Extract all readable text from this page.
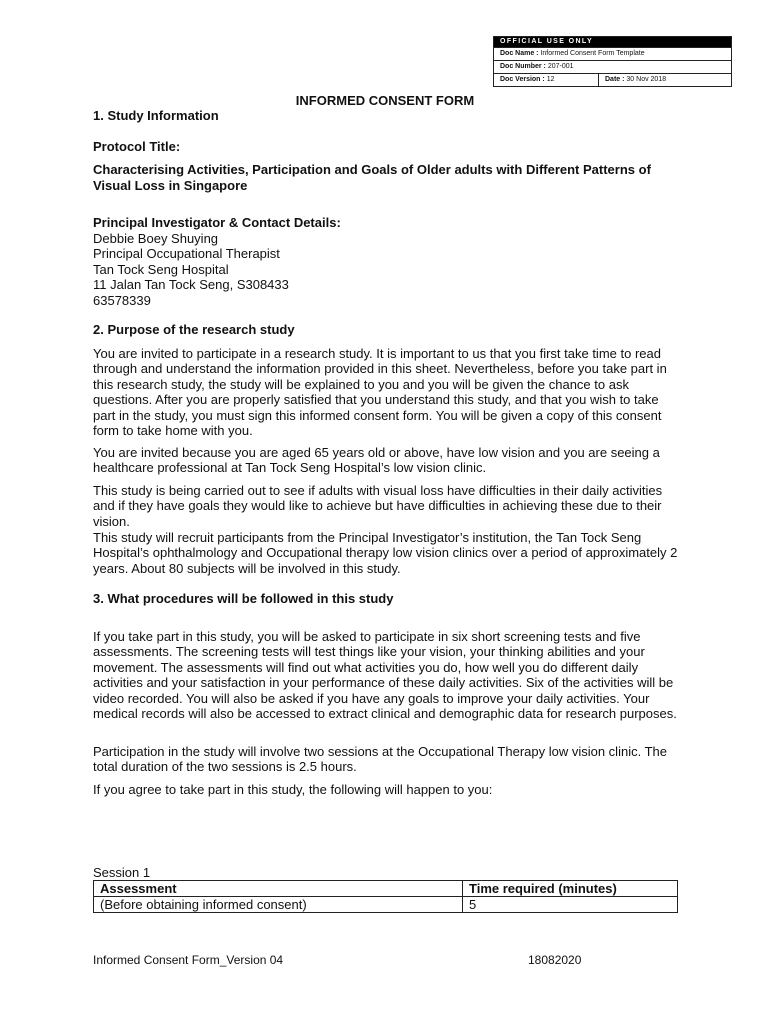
OFFICIAL USE ONLY
Doc Name : Informed Consent Form Template
Doc Number : 207-001
Doc Version : 12	Date : 30 Nov 2018
INFORMED CONSENT FORM
1. Study Information
Protocol Title:
Characterising Activities, Participation and Goals of Older adults with Different Patterns of Visual Loss in Singapore
Principal Investigator & Contact Details:
Debbie Boey Shuying
Principal Occupational Therapist
Tan Tock Seng Hospital
11 Jalan Tan Tock Seng, S308433
63578339
2. Purpose of the research study
You are invited to participate in a research study. It is important to us that you first take time to read through and understand the information provided in this sheet. Nevertheless, before you take part in this research study, the study will be explained to you and you will be given the chance to ask questions. After you are properly satisfied that you understand this study, and that you wish to take part in the study, you must sign this informed consent form. You will be given a copy of this consent form to take home with you.
You are invited because you are aged 65 years old or above, have low vision and you are seeing a healthcare professional at Tan Tock Seng Hospital’s low vision clinic.
This study is being carried out to see if adults with visual loss have difficulties in their daily activities and if they have goals they would like to achieve but have difficulties in achieving these due to their vision.
This study will recruit participants from the Principal Investigator’s institution, the Tan Tock Seng Hospital’s ophthalmology and Occupational therapy low vision clinics over a period of approximately 2 years. About 80 subjects will be involved in this study.
3. What procedures will be followed in this study
If you take part in this study, you will be asked to participate in six short screening tests and five assessments. The screening tests will test things like your vision, your thinking abilities and your movement. The assessments will find out what activities you do, how well you do different daily activities and your satisfaction in your performance of these daily activities. Six of the activities will be video recorded. You will also be asked if you have any goals to improve your daily activities. Your medical records will also be accessed to extract clinical and demographic data for research purposes.
Participation in the study will involve two sessions at the Occupational Therapy low vision clinic. The total duration of the two sessions is 2.5 hours.
If you agree to take part in this study, the following will happen to you:
Session 1
Assessment	Time required (minutes)
(Before obtaining informed consent)	5
Informed Consent Form_Version 04	18082020
